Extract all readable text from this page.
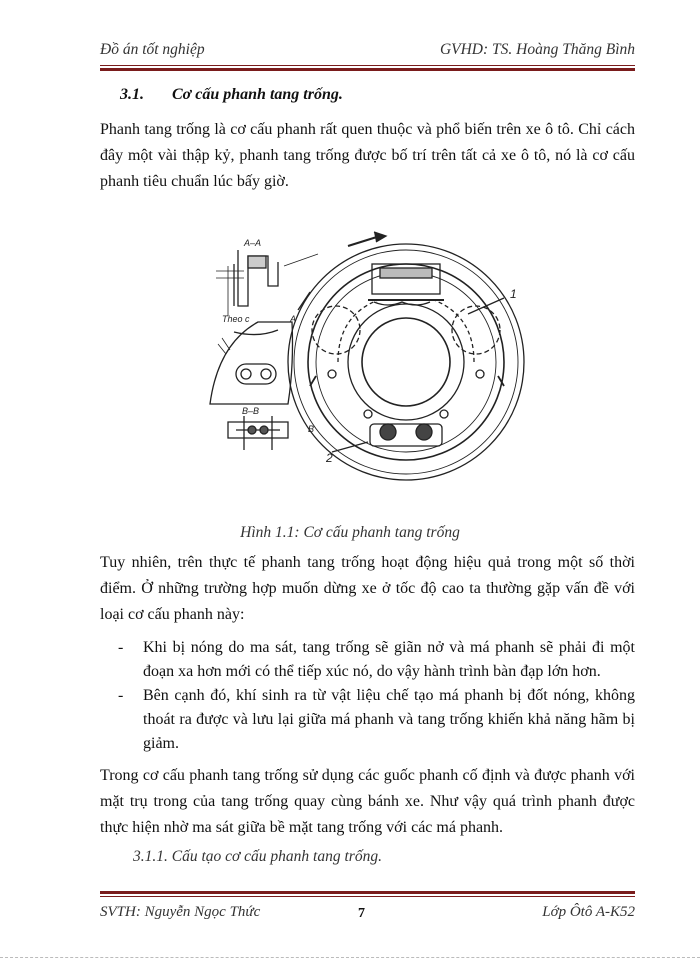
Đồ án tốt nghiệp	GVHD: TS. Hoàng Thăng Bình
3.1. Cơ cấu phanh tang trống.
Phanh tang trống là cơ cấu phanh rất quen thuộc và phổ biến trên xe ô tô. Chỉ cách đây một vài thập kỷ, phanh tang trống được bố trí trên tất cả xe ô tô, nó là cơ cấu phanh tiêu chuẩn lúc bấy giờ.
A–A
Theo c
B–B
1
2
A
B
Hình 1.1: Cơ cấu phanh tang trống
Tuy nhiên, trên thực tế phanh tang trống hoạt động hiệu quả trong một số thời điểm. Ở những trường hợp muốn dừng xe ở tốc độ cao ta thường gặp vấn đề với loại cơ cấu phanh này:
- Khi bị nóng do ma sát, tang trống sẽ giãn nở và má phanh sẽ phải đi một đoạn xa hơn mới có thể tiếp xúc nó, do vậy hành trình bàn đạp lớn hơn.
- Bên cạnh đó, khí sinh ra từ vật liệu chế tạo má phanh bị đốt nóng, không thoát ra được và lưu lại giữa má phanh và tang trống khiến khả năng hãm bị giảm.
Trong cơ cấu phanh tang trống sử dụng các guốc phanh cố định và được phanh với mặt trụ trong của tang trống quay cùng bánh xe. Như vậy quá trình phanh được thực hiện nhờ ma sát giữa bề mặt tang trống với các má phanh.
3.1.1. Cấu tạo cơ cấu phanh tang trống.
SVTH: Nguyễn Ngọc Thức	7	Lớp Ôtô A-K52
